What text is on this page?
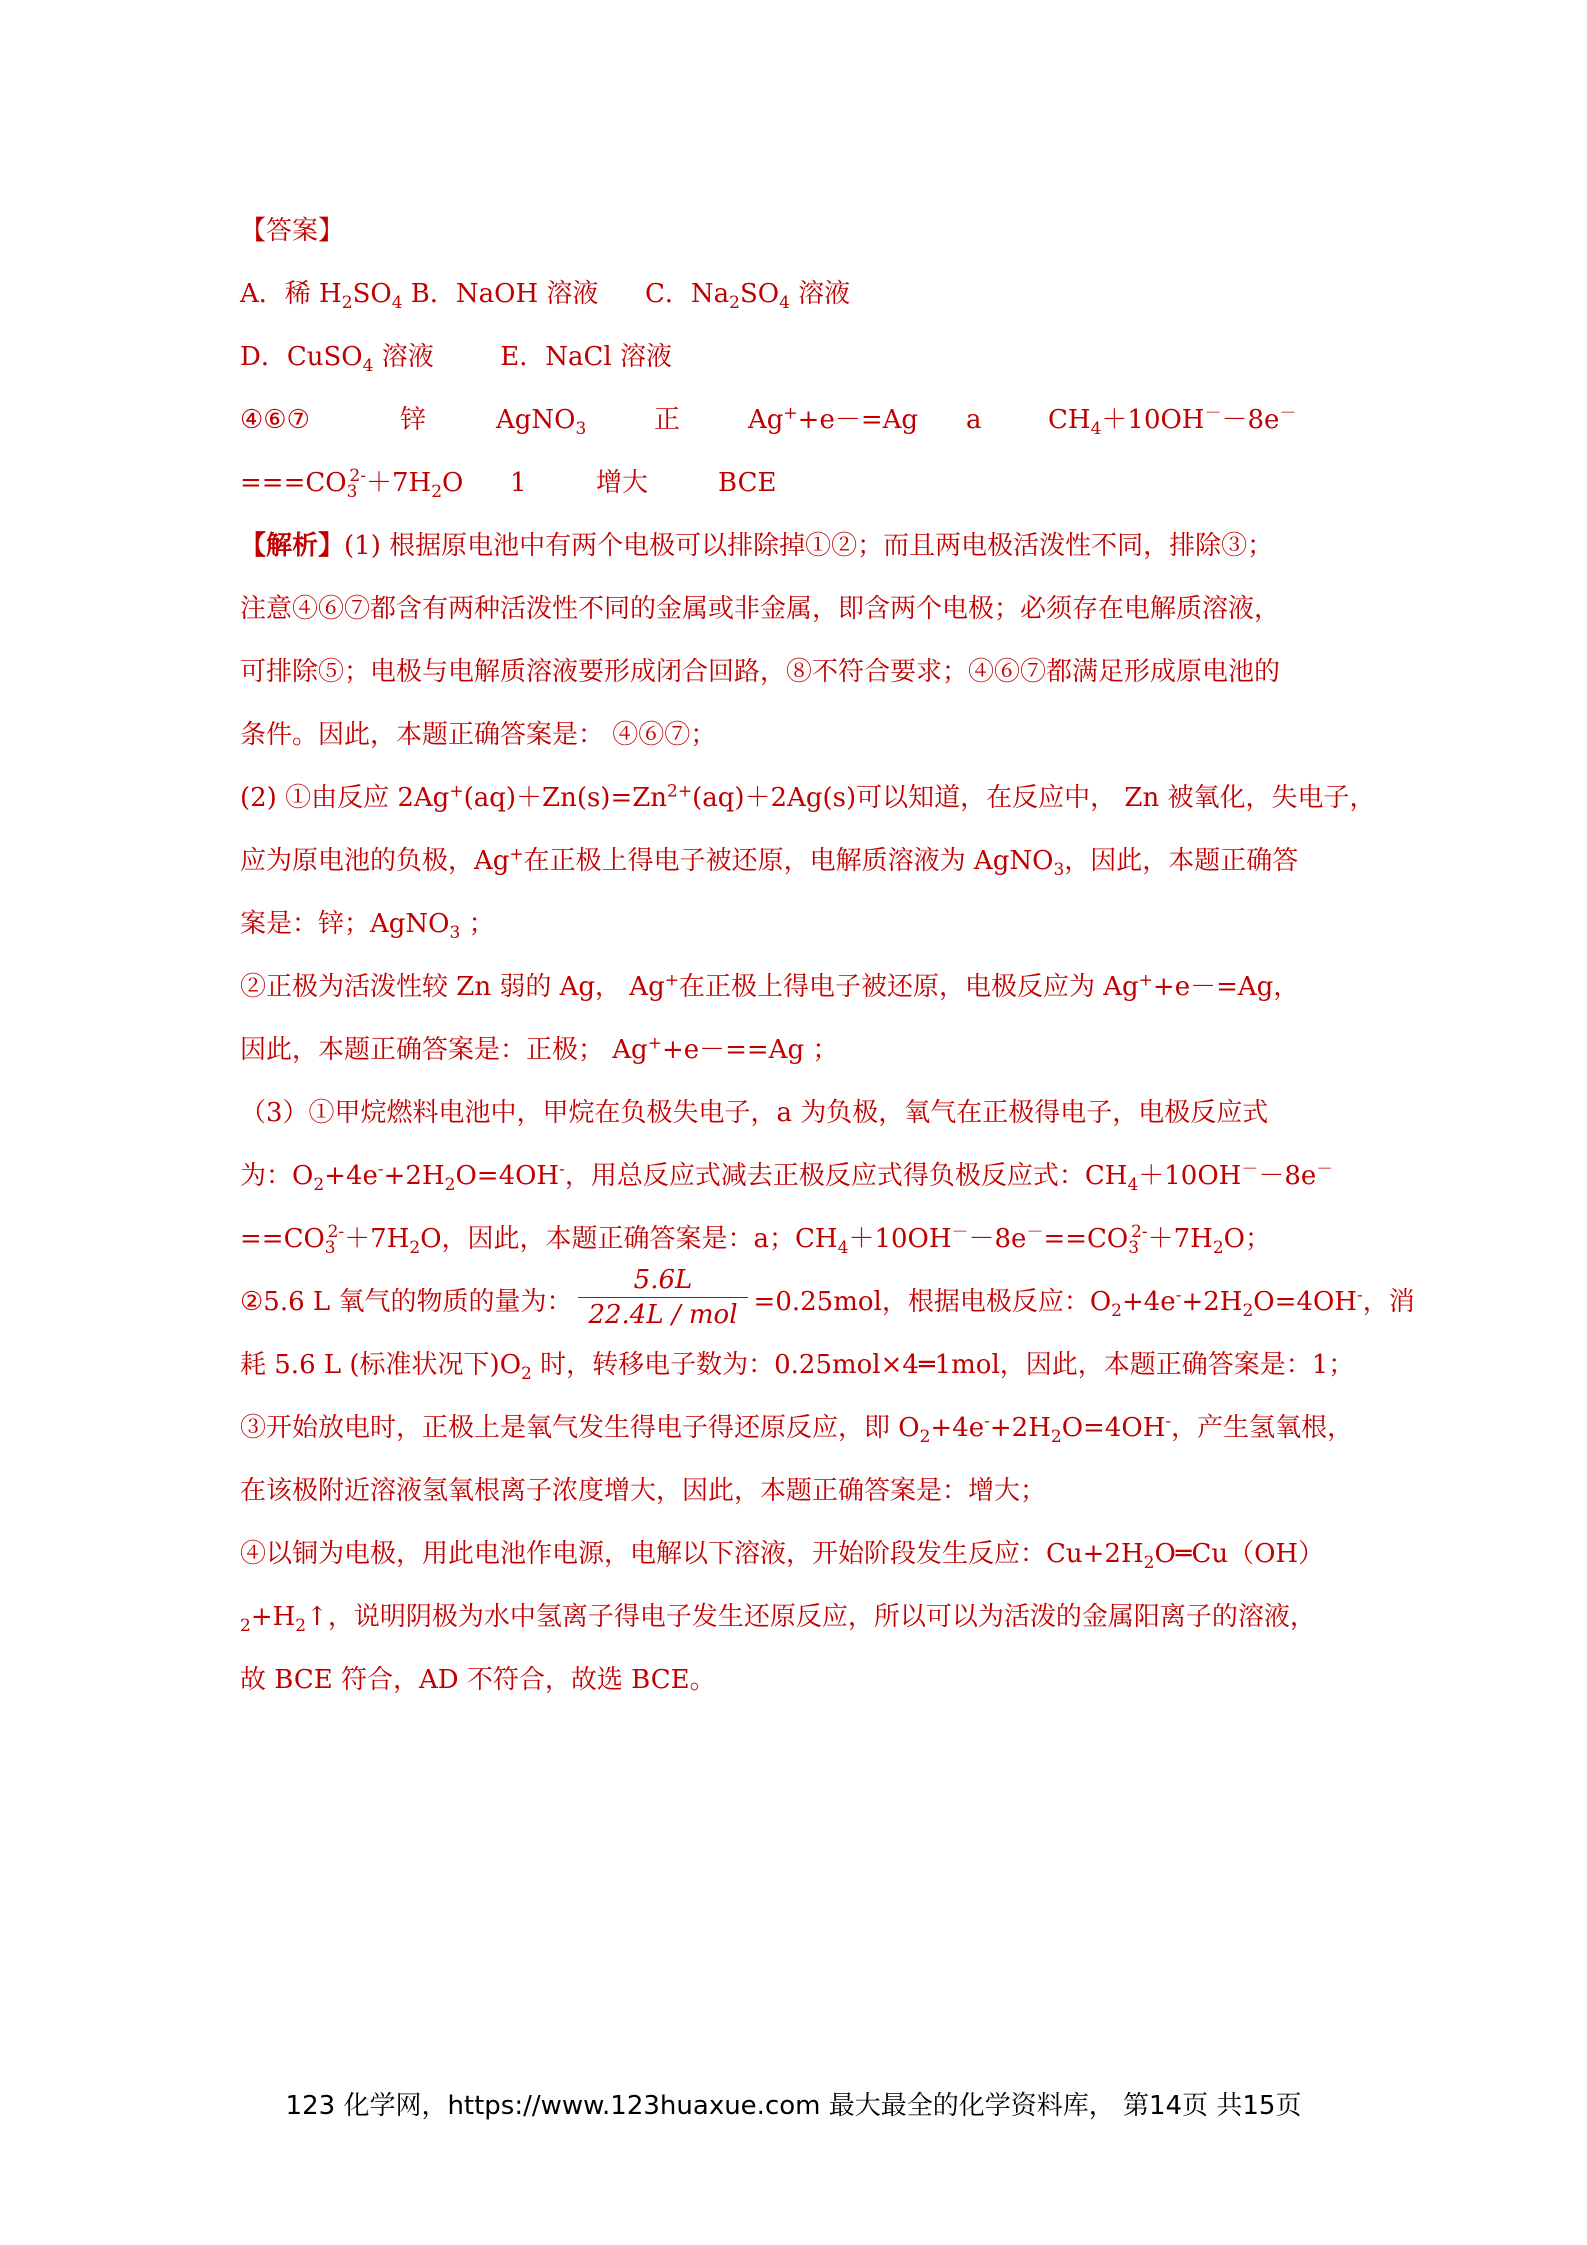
【答案】
A．稀 $H_2SO_4$ B．NaOH 溶液 C．$Na_2SO_4$ 溶液
D．CuSO$_4$ 溶液	E．NaCl 溶液
④⑥⑦	锌	AgNO$_3$	正	Ag++e－=Ag a	$CH_4+10OH^--8e^-$
$===CO_3^{2-}+7H_2O$ 1	增大	BCE
【解析】(1) 根据原电池中有两个电极可以排除掉①②；而且两电极活泼性不同，排除③；
注意④⑥⑦都含有两种活泼性不同的金属或非金属，即含两个电极；必须存在电解质溶液，
可排除⑤；电极与电解质溶液要形成闭合回路，⑧不符合要求；④⑥⑦都满足形成原电池的
条件。因此，本题正确答案是： ④⑥⑦；
(2) ①由反应 $2Ag^+(aq)+Zn(s)=Zn^{2+}(aq)+2Ag(s)$可以知道，在反应中， Zn 被氧化，失电子，
应为原电池的负极，Ag+在正极上得电子被还原，电解质溶液为 AgNO$_3$，因此，本题正确答
案是：锌；AgNO$_3$ ；
②正极为活泼性较 Zn 弱的 Ag， Ag+在正极上得电子被还原，电极反应为 Ag++e－=Ag，
因此，本题正确答案是：正极； Ag++e－==Ag ；
（3）①甲烷燃料电池中，甲烷在负极失电子，a 为负极，氧气在正极得电子，电极反应式
为：$O_2+4e^-+2H_2O=4OH^-$，用总反应式减去正极反应式得负极反应式：$CH_4+10OH^--8e^-$
$==CO_3^{2-}+7H_2O$，因此，本题正确答案是：a；$CH_4+10OH^--8e^-==CO_3^{2-}+7H_2O$；
②5.6 L 氧气的物质的量为： $\frac{5.6L}{\text{22.4L / mol}} =0.25mol$，根据电极反应：$O_2+4e^-+2H_2O=4OH^-$，消
耗 5.6 L (标准状况下)$O_2$ 时，转移电子数为：0.25mol×4═1mol，因此，本题正确答案是：1；
③开始放电时，正极上是氧气发生得电子得还原反应，即 $O_2+4e^-+2H_2O=4OH^-$，产生氢氧根，
在该极附近溶液氢氧根离子浓度增大，因此，本题正确答案是：增大；
④以铜为电极，用此电池作电源，电解以下溶液，开始阶段发生反应：$Cu+2H_2O═Cu(OH)$
$_2+H_2↑$，说明阴极为水中氢离子得电子发生还原反应，所以可以为活泼的金属阳离子的溶液，
故 BCE 符合，AD 不符合，故选 BCE。
123 化学网，https://www.123huaxue.com 最大最全的化学资料库， 第14页 共15页
